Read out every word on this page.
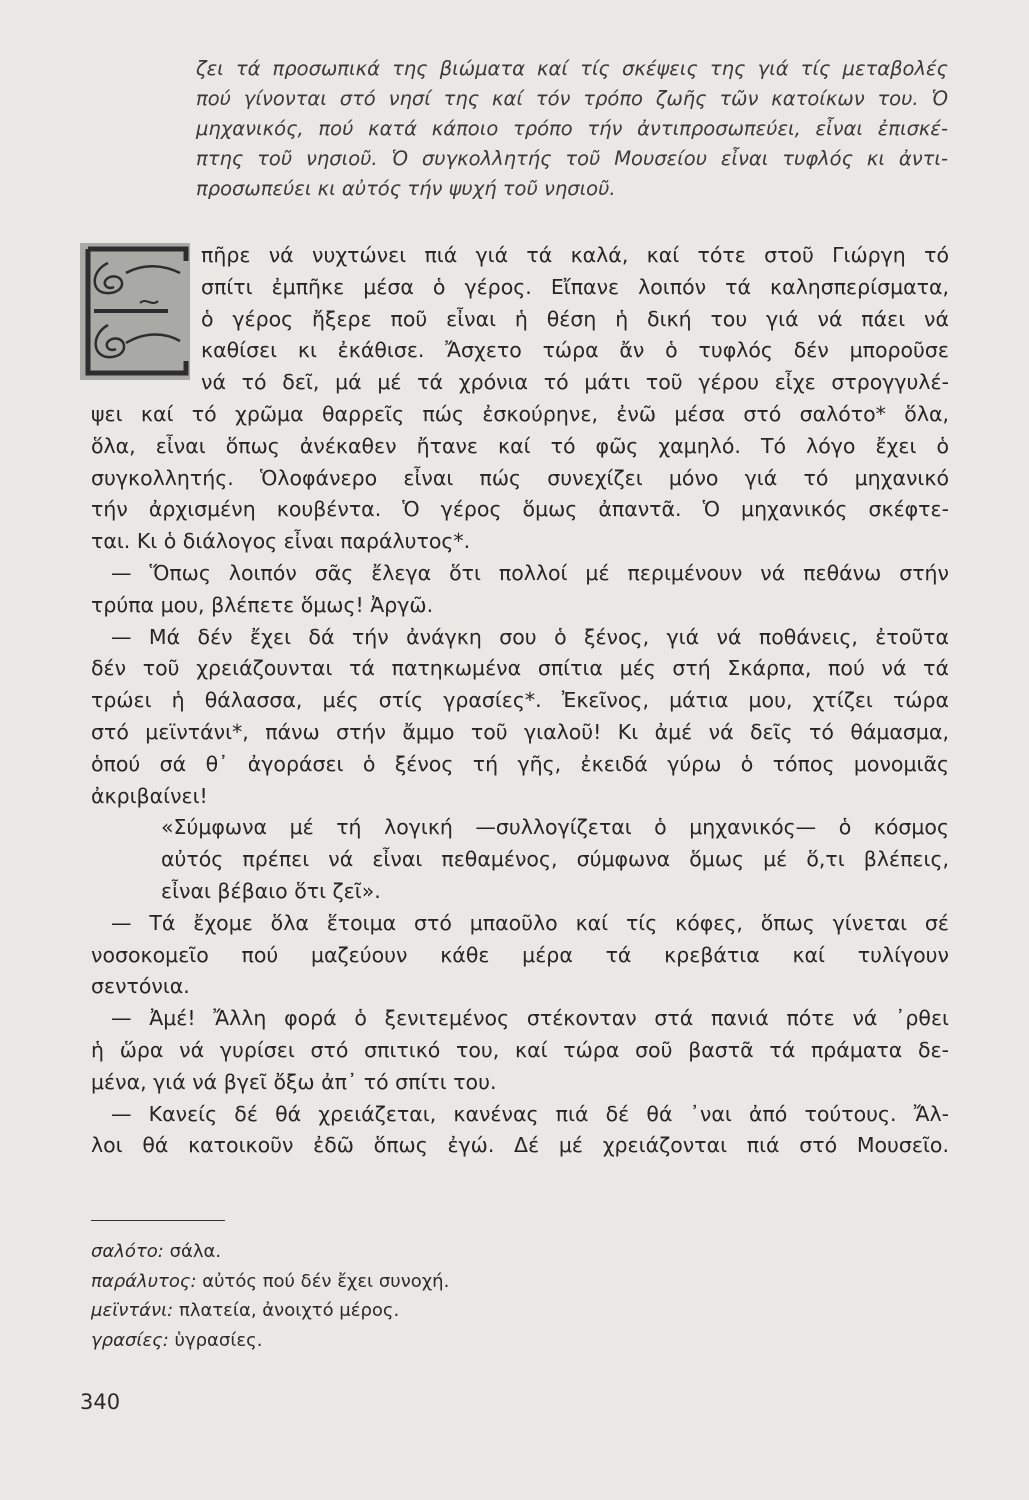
ζει τά προσωπικά της βιώματα καί τίς σκέψεις της γιά τίς μεταβολές
πού γίνονται στό νησί της καί τόν τρόπο ζωῆς τῶν κατοίκων του. Ὁ
μηχανικός, πού κατά κάποιο τρόπο τήν ἀντιπροσωπεύει, εἶναι ἐπισκέ-
πτης τοῦ νησιοῦ. Ὁ συγκολλητής τοῦ Μουσείου εἶναι τυφλός κι ἀντι-
προσωπεύει κι αὐτός τήν ψυχή τοῦ νησιοῦ.

πῆρε νά νυχτώνει πιά γιά τά καλά, καί τότε στοῦ Γιώργη τό
σπίτι ἐμπῆκε μέσα ὁ γέρος. Εἴπανε λοιπόν τά καλησπερίσματα,
ὁ γέρος ἤξερε ποῦ εἶναι ἡ θέση ἡ δική του γιά νά πάει νά
καθίσει κι ἐκάθισε. Ἄσχετο τώρα ἄν ὁ τυφλός δέν μποροῦσε
νά τό δεῖ, μά μέ τά χρόνια τό μάτι τοῦ γέρου εἶχε στρογγυλέ-
ψει καί τό χρῶμα θαρρεῖς πώς ἐσκούρηνε, ἐνῶ μέσα στό σαλότο* ὅλα,
ὅλα, εἶναι ὅπως ἀνέκαθεν ἤτανε καί τό φῶς χαμηλό. Τό λόγο ἔχει ὁ
συγκολλητής. Ὁλοφάνερο εἶναι πώς συνεχίζει μόνο γιά τό μηχανικό
τήν ἀρχισμένη κουβέντα. Ὁ γέρος ὅμως ἀπαντᾶ. Ὁ μηχανικός σκέφτε-
ται. Κι ὁ διάλογος εἶναι παράλυτος*.

— Ὅπως λοιπόν σᾶς ἔλεγα ὅτι πολλοί μέ περιμένουν νά πεθάνω στήν
τρύπα μου, βλέπετε ὅμως! Ἀργῶ.

— Μά δέν ἔχει δά τήν ἀνάγκη σου ὁ ξένος, γιά νά ποθάνεις, ἐτοῦτα
δέν τοῦ χρειάζουνται τά πατηκωμένα σπίτια μές στή Σκάρπα, πού νά τά
τρώει ἡ θάλασσα, μές στίς γρασίες*. Ἐκεῖνος, μάτια μου, χτίζει τώρα
στό μεϊντάνι*, πάνω στήν ἄμμο τοῦ γιαλοῦ! Κι ἀμέ νά δεῖς τό θάμασμα,
ὁπού σά θ᾽ ἀγοράσει ὁ ξένος τή γῆς, ἐκειδά γύρω ὁ τόπος μονομιᾶς
ἀκριβαίνει!

«Σύμφωνα μέ τή λογική —συλλογίζεται ὁ μηχανικός— ὁ κόσμος
αὐτός πρέπει νά εἶναι πεθαμένος, σύμφωνα ὅμως μέ ὅ,τι βλέπεις,
εἶναι βέβαιο ὅτι ζεῖ».

— Τά ἔχομε ὅλα ἕτοιμα στό μπαοῦλο καί τίς κόφες, ὅπως γίνεται σέ
νοσοκομεῖο πού μαζεύουν κάθε μέρα τά κρεβάτια καί τυλίγουν
σεντόνια.

— Ἀμέ! Ἄλλη φορά ὁ ξενιτεμένος στέκονταν στά πανιά πότε νά ᾽ρθει
ἡ ὥρα νά γυρίσει στό σπιτικό του, καί τώρα σοῦ βαστᾶ τά πράματα δε-
μένα, γιά νά βγεῖ ὄξω ἀπ᾽ τό σπίτι του.

— Κανείς δέ θά χρειάζεται, κανένας πιά δέ θά ᾽ναι ἀπό τούτους. Ἄλ-
λοι θά κατοικοῦν ἐδῶ ὅπως ἐγώ. Δέ μέ χρειάζονται πιά στό Μουσεῖο.

σαλότο: σάλα.
παράλυτος: αὐτός πού δέν ἔχει συνοχή.
μεϊντάνι: πλατεία, ἀνοιχτό μέρος.
γρασίες: ὑγρασίες.
340
